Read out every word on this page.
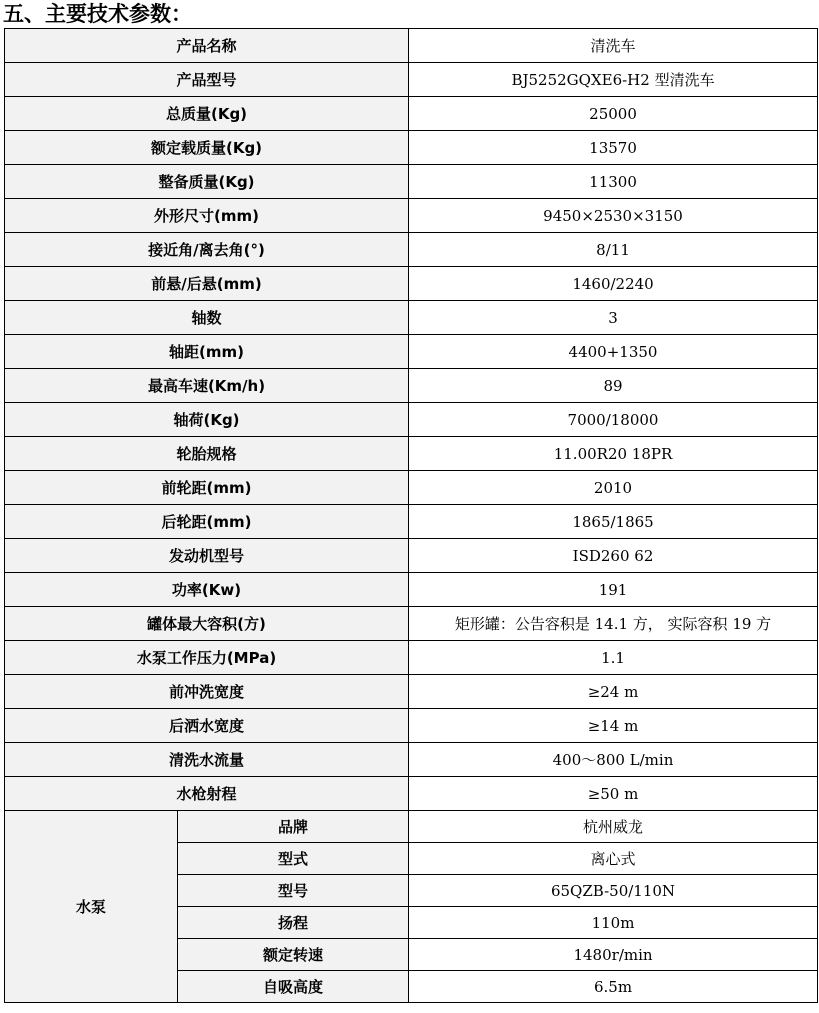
五、主要技术参数：
产品名称		清洗车
产品型号		BJ5252GQXE6-H2 型清洗车
总质量(Kg)		25000
额定载质量(Kg)		13570
整备质量(Kg)		11300
外形尺寸(mm)		9450×2530×3150
接近角/离去角(°)		8/11
前悬/后悬(mm)		1460/2240
轴数		3
轴距(mm)		4400+1350
最高车速(Km/h)		89
轴荷(Kg)		7000/18000
轮胎规格		11.00R20 18PR
前轮距(mm)		2010
后轮距(mm)		1865/1865
发动机型号		ISD260 62
功率(Kw)		191
罐体最大容积(方)		矩形罐：公告容积是 14.1 方， 实际容积 19 方
水泵工作压力(MPa)		1.1
前冲洗宽度		≥24 m
后洒水宽度		≥14 m
清洗水流量		400～800 L/min
水枪射程		≥50 m
水泵	品牌	杭州威龙
	型式	离心式
	型号	65QZB-50/110N
	扬程	110m
	额定转速	1480r/min
	自吸高度	6.5m
